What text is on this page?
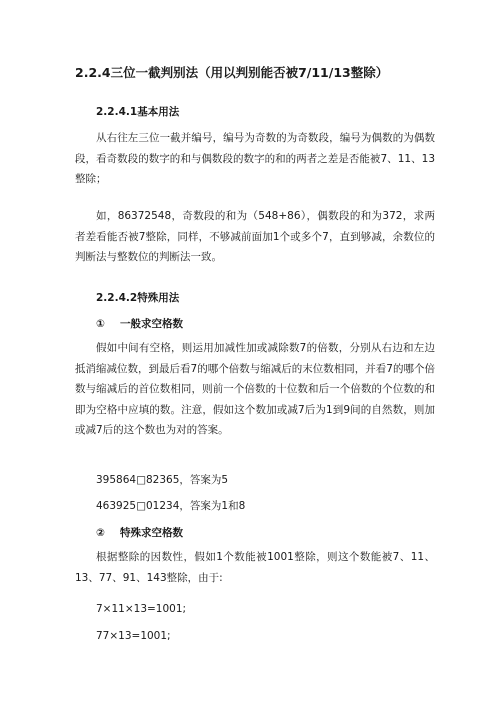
2.2.4三位一截判别法（用以判别能否被7/11/13整除）
2.2.4.1基本用法
从右往左三位一截并编号，编号为奇数的为奇数段，编号为偶数的为偶数段，看奇数段的数字的和与偶数段的数字的和的两者之差是否能被7、11、13整除；
如，86372548，奇数段的和为（548+86），偶数段的和为372，求两者差看能否被7整除，同样，不够减前面加1个或多个7，直到够减，余数位的判断法与整数位的判断法一致。
2.2.4.2特殊用法
① 一般求空格数
假如中间有空格，则运用加减性加或减除数7的倍数，分别从右边和左边抵消缩减位数，到最后看7的哪个倍数与缩减后的末位数相同，并看7的哪个倍数与缩减后的首位数相同，则前一个倍数的十位数和后一个倍数的个位数的和即为空格中应填的数。注意，假如这个数加或减7后为1到9间的自然数，则加或减7后的这个数也为对的答案。
395864□82365，答案为5
463925□01234，答案为1和8
② 特殊求空格数
根据整除的因数性，假如1个数能被1001整除，则这个数能被7、11、13、77、91、143整除，由于:
7×11×13=1001;
77×13=1001;
